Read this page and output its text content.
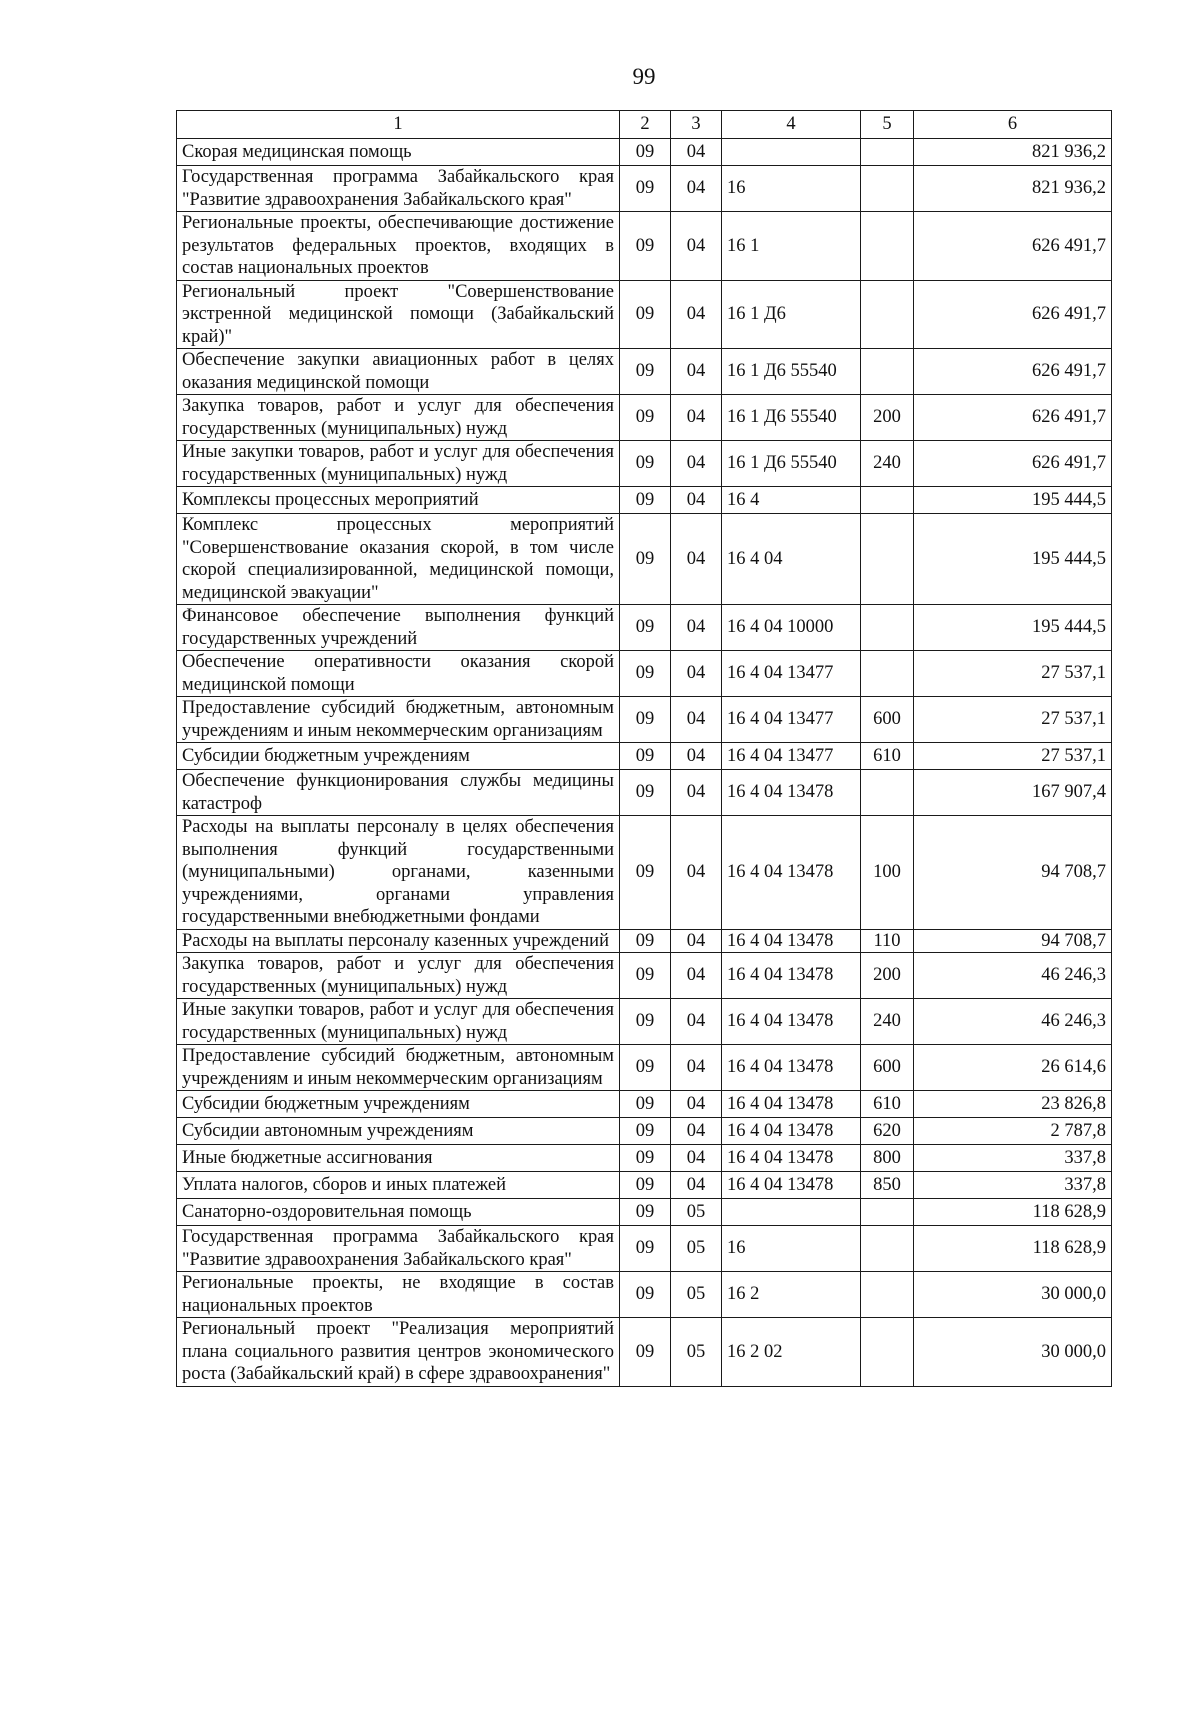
99
1	2	3	4	5	6
Скорая медицинская помощь	09	04			821 936,2
Государственная программа Забайкальского края "Развитие здравоохранения Забайкальского края"	09	04	16		821 936,2
Региональные проекты, обеспечивающие достижение результатов федеральных проектов, входящих в состав национальных проектов	09	04	16 1		626 491,7
Региональный проект "Совершенствование экстренной медицинской помощи (Забайкальский край)"	09	04	16 1 Д6		626 491,7
Обеспечение закупки авиационных работ в целях оказания медицинской помощи	09	04	16 1 Д6 55540		626 491,7
Закупка товаров, работ и услуг для обеспечения государственных (муниципальных) нужд	09	04	16 1 Д6 55540	200	626 491,7
Иные закупки товаров, работ и услуг для обеспечения государственных (муниципальных) нужд	09	04	16 1 Д6 55540	240	626 491,7
Комплексы процессных мероприятий	09	04	16 4		195 444,5
Комплекс процессных мероприятий "Совершенствование оказания скорой, в том числе скорой специализированной, медицинской помощи, медицинской эвакуации"	09	04	16 4 04		195 444,5
Финансовое обеспечение выполнения функций государственных учреждений	09	04	16 4 04 10000		195 444,5
Обеспечение оперативности оказания скорой медицинской помощи	09	04	16 4 04 13477		27 537,1
Предоставление субсидий бюджетным, автономным учреждениям и иным некоммерческим организациям	09	04	16 4 04 13477	600	27 537,1
Субсидии бюджетным учреждениям	09	04	16 4 04 13477	610	27 537,1
Обеспечение функционирования службы медицины катастроф	09	04	16 4 04 13478		167 907,4
Расходы на выплаты персоналу в целях обеспечения выполнения функций государственными (муниципальными) органами, казенными учреждениями, органами управления государственными внебюджетными фондами	09	04	16 4 04 13478	100	94 708,7
Расходы на выплаты персоналу казенных учреждений	09	04	16 4 04 13478	110	94 708,7
Закупка товаров, работ и услуг для обеспечения государственных (муниципальных) нужд	09	04	16 4 04 13478	200	46 246,3
Иные закупки товаров, работ и услуг для обеспечения государственных (муниципальных) нужд	09	04	16 4 04 13478	240	46 246,3
Предоставление субсидий бюджетным, автономным учреждениям и иным некоммерческим организациям	09	04	16 4 04 13478	600	26 614,6
Субсидии бюджетным учреждениям	09	04	16 4 04 13478	610	23 826,8
Субсидии автономным учреждениям	09	04	16 4 04 13478	620	2 787,8
Иные бюджетные ассигнования	09	04	16 4 04 13478	800	337,8
Уплата налогов, сборов и иных платежей	09	04	16 4 04 13478	850	337,8
Санаторно-оздоровительная помощь	09	05			118 628,9
Государственная программа Забайкальского края "Развитие здравоохранения Забайкальского края"	09	05	16		118 628,9
Региональные проекты, не входящие в состав национальных проектов	09	05	16 2		30 000,0
Региональный проект "Реализация мероприятий плана социального развития центров экономического роста (Забайкальский край) в сфере здравоохранения"	09	05	16 2 02		30 000,0
